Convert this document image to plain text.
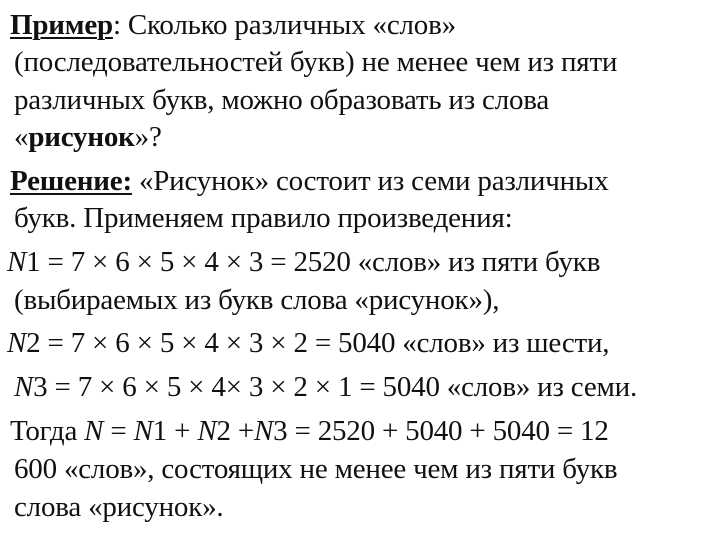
Пример: Сколько различных «слов»
(последовательностей букв) не менее чем из пяти
различных букв, можно образовать из слова
«рисунок»?
Решение: «Рисунок» состоит из семи различных
букв. Применяем правило произведения:
N1 = 7 × 6 × 5 × 4 × 3 = 2520 «слов» из пяти букв
(выбираемых из букв слова «рисунок»),
N2 = 7 × 6 × 5 × 4 × 3 × 2 = 5040 «слов» из шести,
N3 = 7 × 6 × 5 × 4× 3 × 2 × 1 = 5040 «слов» из семи.
Тогда N = N1 + N2 +N3 = 2520 + 5040 + 5040 = 12
600 «слов», состоящих не менее чем из пяти букв
слова «рисунок».
